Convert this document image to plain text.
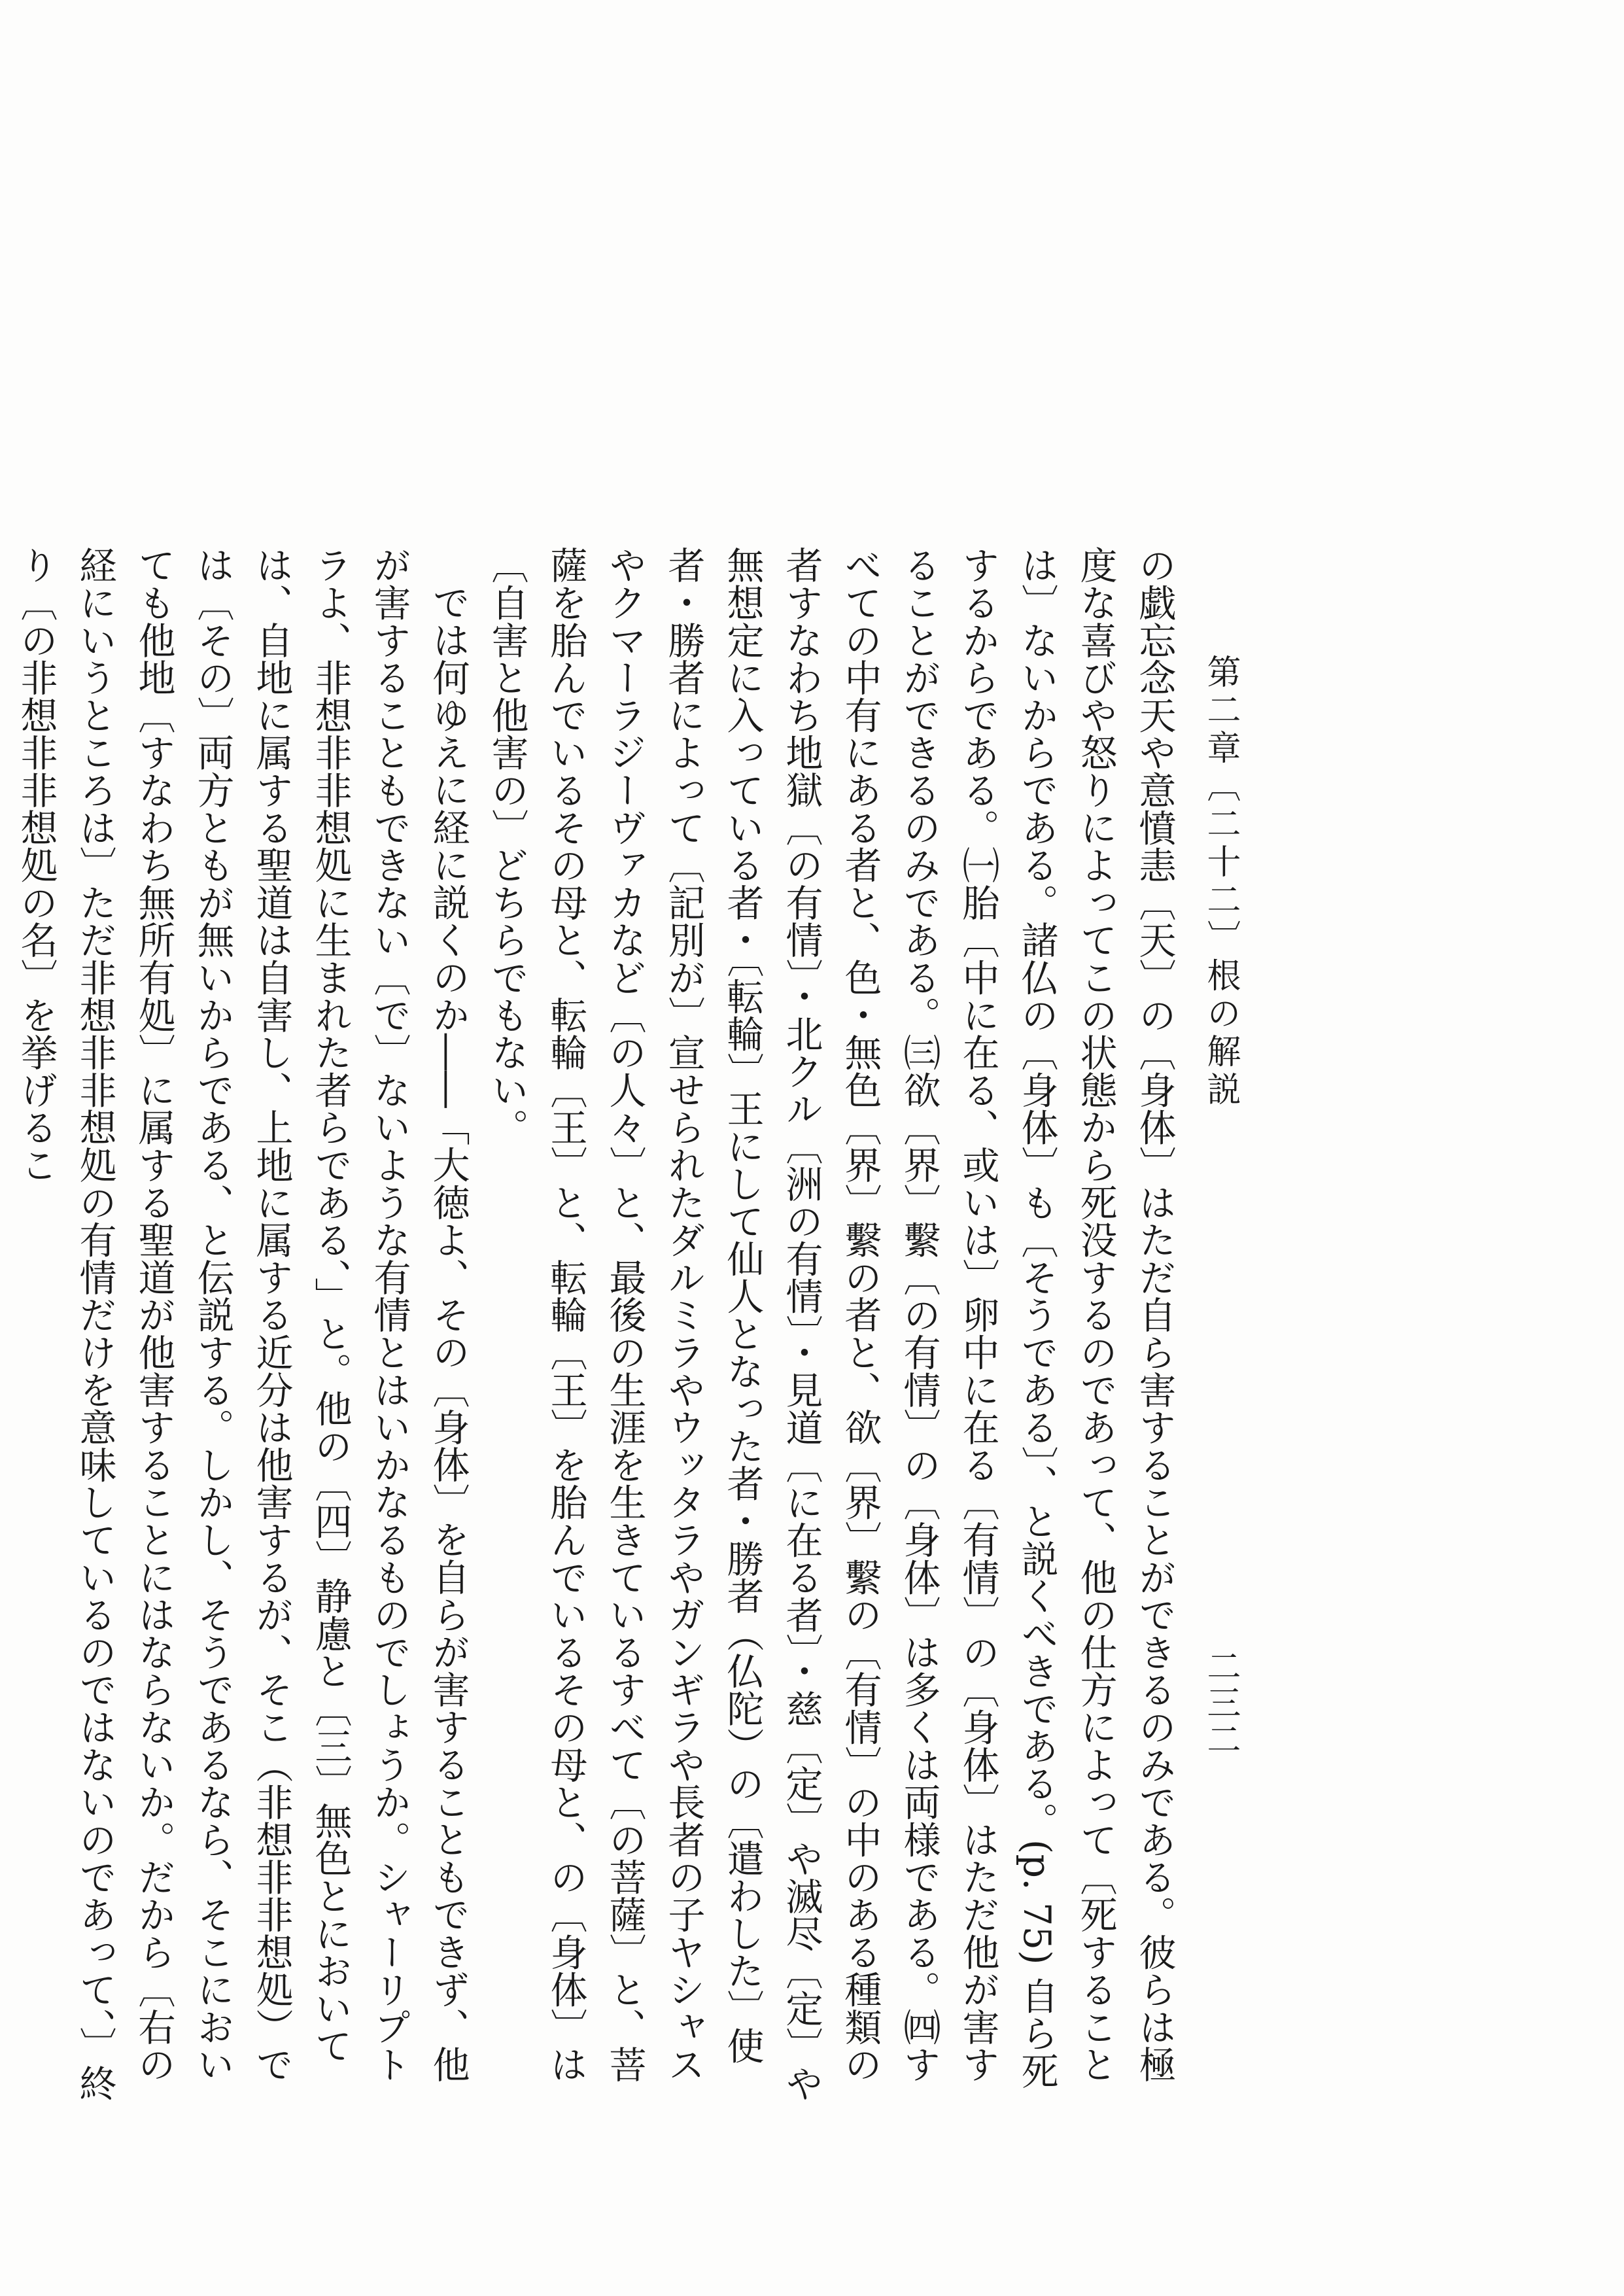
第二章〔二十二〕根の解説
二三二

の戯忘念天や意憤恚〔天〕の〔身体〕はただ自ら害することができるのみである。彼らは極度な喜びや怒りによってこの状態から死没するのであって、他の仕方によって〔死することは〕ないからである。諸仏の〔身体〕も〔そうである〕、と説くべきである。(p. 75) 自ら死するからである。㈠胎〔中に在る、或いは〕卵中に在る〔有情〕の〔身体〕はただ他が害することができるのみである。㈢欲〔界〕繫〔の有情〕の〔身体〕は多くは両様である。㈣すべての中有にある者と、色・無色〔界〕繫の者と、欲〔界〕繫の〔有情〕の中のある種類の者すなわち地獄〔の有情〕・北クル〔洲の有情〕・見道〔に在る者〕・慈〔定〕や滅尽〔定〕や無想定に入っている者・〔転輪〕王にして仙人となった者・勝者（仏陀）の〔遣わした〕使者・勝者によって〔記別が〕宣せられたダルミラやウッタラやガンギラや長者の子ヤシャスやクマーラジーヴァカなど〔の人々〕と、最後の生涯を生きているすべて〔の菩薩〕と、菩薩を胎んでいるその母と、転輪〔王〕と、転輪〔王〕を胎んでいるその母と、の〔身体〕は〔自害と他害の〕どちらでもない。

では何ゆえに経に説くのか――「大徳よ、その〔身体〕を自らが害することもできず、他が害することもできない〔で〕ないような有情とはいかなるものでしょうか。シャーリプトラよ、非想非非想処に生まれた者らである、」と。他の〔四〕静慮と〔三〕無色とにおいては、自地に属する聖道は自害し、上地に属する近分は他害するが、そこ（非想非非想処）では〔その〕両方ともが無いからである、と伝説する。しかし、そうであるなら、そこにおいても他地〔すなわち無所有処〕に属する聖道が他害することにはならないか。だから〔右の経にいうところは〕ただ非想非非想処の有情だけを意味しているのではないのであって、〕終り〔の非想非非想処の名〕を挙げるこ
